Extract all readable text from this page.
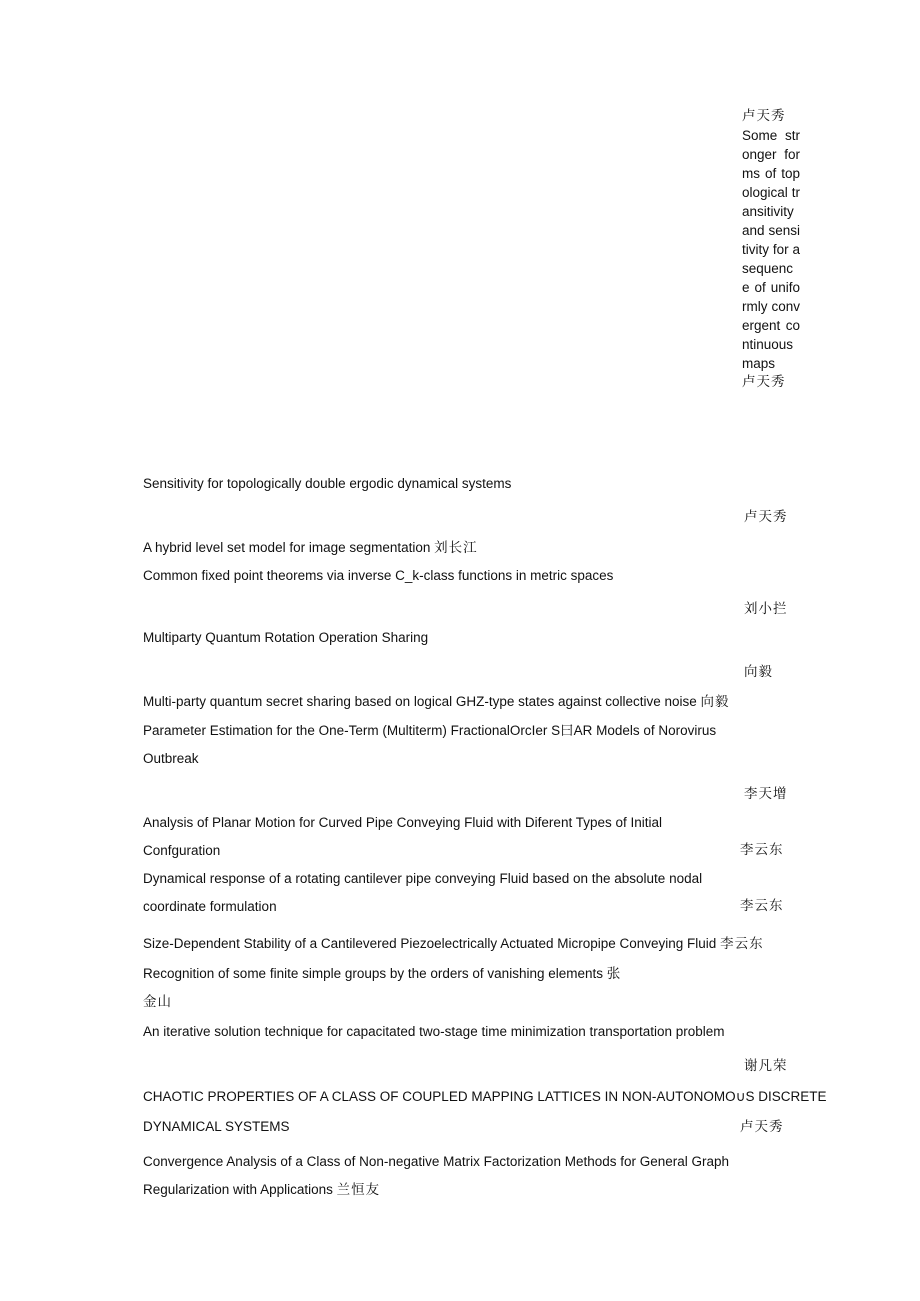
卢天秀
Some stronger forms of topological transitivity and sensitivity for a sequence of uniformly convergent continuous maps
卢天秀
Sensitivity for topologically double ergodic dynamical systems
卢天秀
A hybrid level set model for image segmentation 刘长江
Common fixed point theorems via inverse C_k-class functions in metric spaces
刘小拦
Multiparty Quantum Rotation Operation Sharing
向毅
Multi-party quantum secret sharing based on logical GHZ-type states against collective noise 向毅
Parameter Estimation for the One-Term (Multiterm) FractionalOrcIer S曰AR Models of Norovirus
Outbreak
李天增
Analysis of Planar Motion for Curved Pipe Conveying Fluid with Diferent Types of Initial
Confguration	李云东
Dynamical response of a rotating cantilever pipe conveying Fluid based on the absolute nodal
coordinate formulation	李云东
Size-Dependent Stability of a Cantilevered Piezoelectrically Actuated Micropipe Conveying Fluid 李云东
Recognition of some finite simple groups by the orders of vanishing elements 张
金山
An iterative solution technique for capacitated two-stage time minimization transportation problem
谢凡荣
CHAOTIC PROPERTIES OF A CLASS OF COUPLED MAPPING LATTICES IN NON-AUTONOMO∪S DISCRETE
DYNAMICAL SYSTEMS	卢天秀
Convergence Analysis of a Class of Non-negative Matrix Factorization Methods for General Graph
Regularization with Applications 兰恒友
